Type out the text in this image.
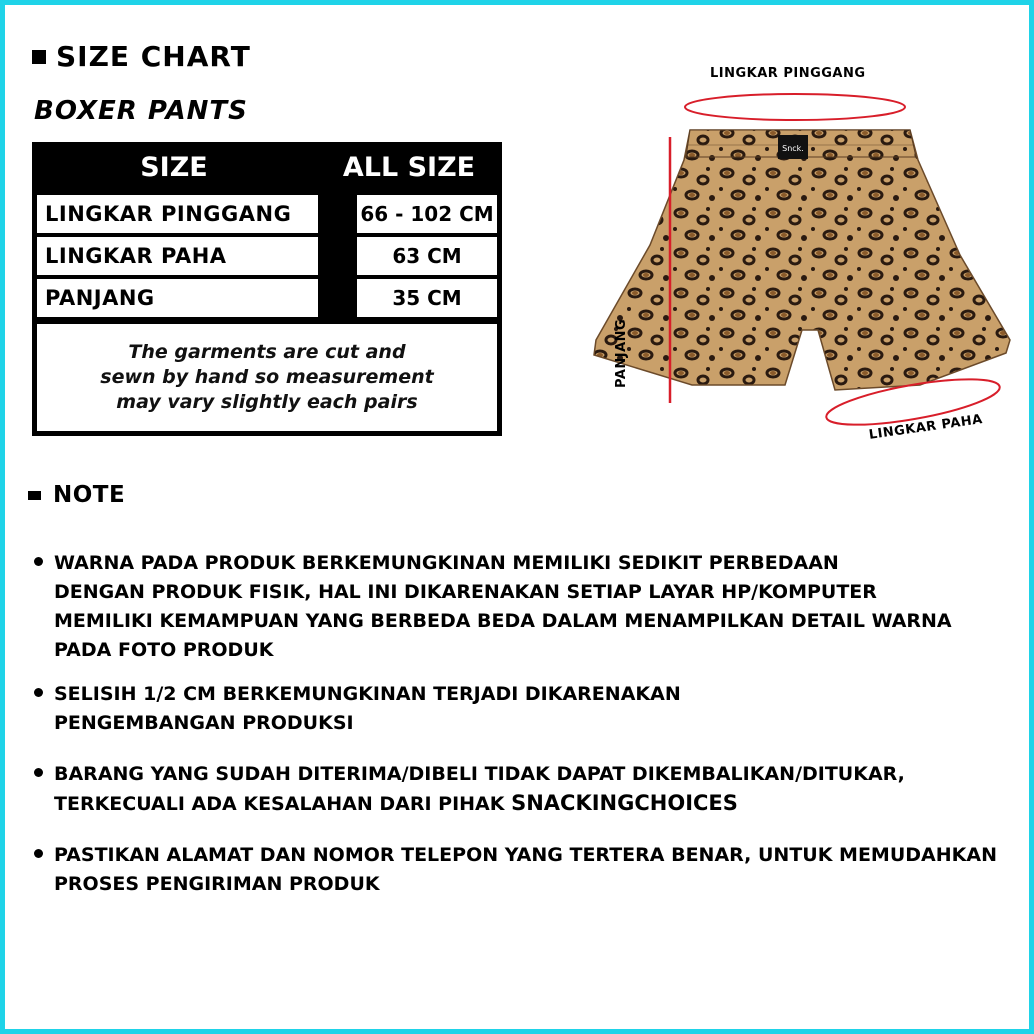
SIZE CHART
BOXER PANTS
SIZE	ALL SIZE
LINGKAR PINGGANG	66 - 102 CM
LINGKAR PAHA	63 CM
PANJANG	35 CM
The garments are cut and
sewn by hand so measurement
may vary slightly each pairs
LINGKAR PINGGANG
Snck.
PANJANG
LINGKAR PAHA
NOTE
WARNA PADA PRODUK BERKEMUNGKINAN MEMILIKI SEDIKIT PERBEDAAN
DENGAN PRODUK FISIK, HAL INI DIKARENAKAN SETIAP LAYAR HP/KOMPUTER
MEMILIKI KEMAMPUAN YANG BERBEDA BEDA DALAM MENAMPILKAN DETAIL WARNA
PADA FOTO PRODUK
SELISIH 1/2 CM BERKEMUNGKINAN TERJADI DIKARENAKAN
PENGEMBANGAN PRODUKSI
BARANG YANG SUDAH DITERIMA/DIBELI TIDAK DAPAT DIKEMBALIKAN/DITUKAR,
TERKECUALI ADA KESALAHAN DARI PIHAK SNACKINGCHOICES
PASTIKAN ALAMAT DAN NOMOR TELEPON YANG TERTERA BENAR, UNTUK MEMUDAHKAN
PROSES PENGIRIMAN PRODUK
